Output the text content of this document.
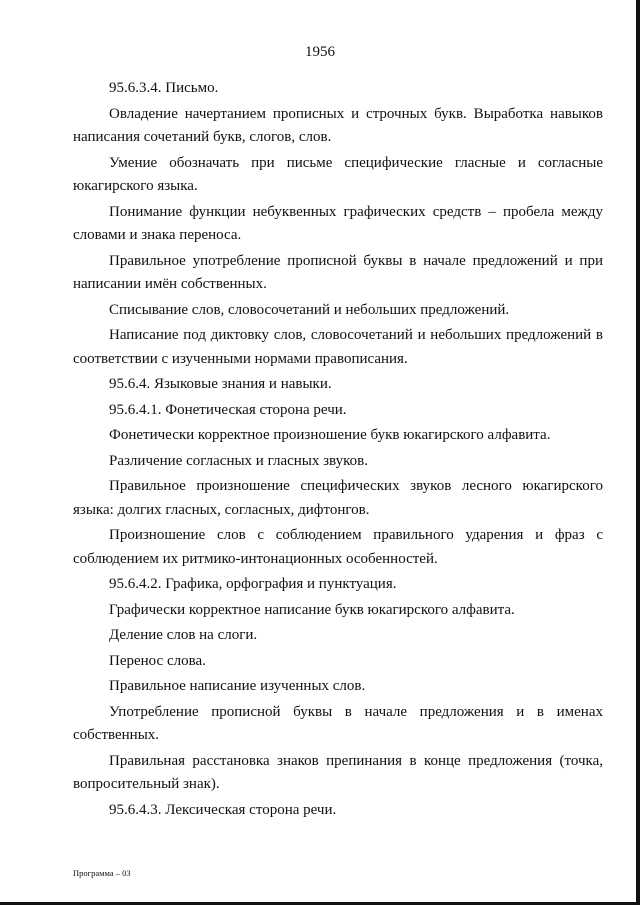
1956

95.6.3.4. Письмо.

Овладение начертанием прописных и строчных букв. Выработка навыков написания сочетаний букв, слогов, слов.

Умение обозначать при письме специфические гласные и согласные юкагирского языка.

Понимание функции небуквенных графических средств – пробела между словами и знака переноса.

Правильное употребление прописной буквы в начале предложений и при написании имён собственных.

Списывание слов, словосочетаний и небольших предложений.

Написание под диктовку слов, словосочетаний и небольших предложений в соответствии с изученными нормами правописания.

95.6.4. Языковые знания и навыки.

95.6.4.1. Фонетическая сторона речи.

Фонетически корректное произношение букв юкагирского алфавита.

Различение согласных и гласных звуков.

Правильное произношение специфических звуков лесного юкагирского языка: долгих гласных, согласных, дифтонгов.

Произношение слов с соблюдением правильного ударения и фраз с соблюдением их ритмико-интонационных особенностей.

95.6.4.2. Графика, орфография и пунктуация.

Графически корректное написание букв юкагирского алфавита.

Деление слов на слоги.

Перенос слова.

Правильное написание изученных слов.

Употребление прописной буквы в начале предложения и в именах собственных.

Правильная расстановка знаков препинания в конце предложения (точка, вопросительный знак).

95.6.4.3. Лексическая сторона речи.

Программа – 03
